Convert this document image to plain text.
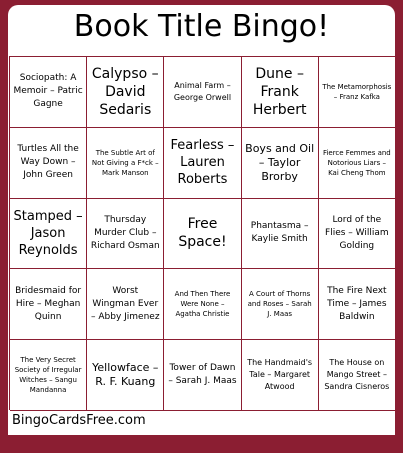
Book Title Bingo!
Sociopath: A Memoir – Patric Gagne
Calypso – David Sedaris
Animal Farm – George Orwell
Dune – Frank Herbert
The Metamorphosis – Franz Kafka
Turtles All the Way Down – John Green
The Subtle Art of Not Giving a F*ck – Mark Manson
Fearless – Lauren Roberts
Boys and Oil – Taylor Brorby
Fierce Femmes and Notorious Liars – Kai Cheng Thom
Stamped – Jason Reynolds
Thursday Murder Club – Richard Osman
Free Space!
Phantasma – Kaylie Smith
Lord of the Flies – William Golding
Bridesmaid for Hire – Meghan Quinn
Worst Wingman Ever – Abby Jimenez
And Then There Were None – Agatha Christie
A Court of Thorns and Roses – Sarah J. Maas
The Fire Next Time – James Baldwin
The Very Secret Society of Irregular Witches – Sangu Mandanna
Yellowface – R. F. Kuang
Tower of Dawn – Sarah J. Maas
The Handmaid's Tale – Margaret Atwood
The House on Mango Street – Sandra Cisneros
BingoCardsFree.com
